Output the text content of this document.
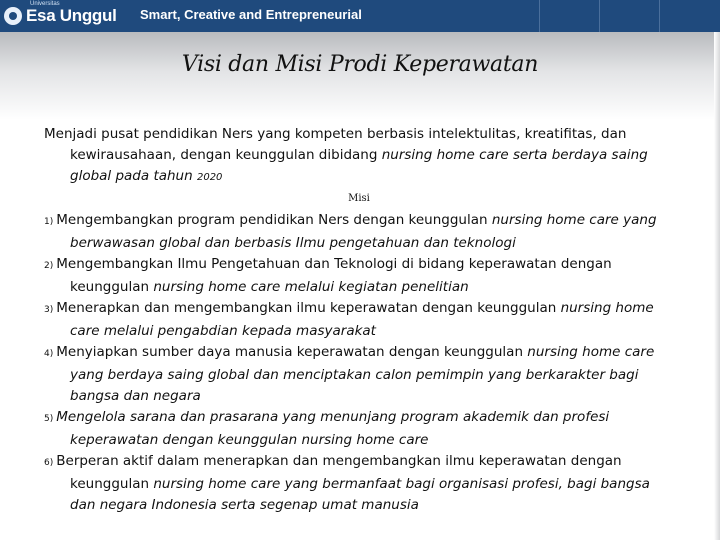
Universitas
Esa Unggul Smart, Creative and Entrepreneurial
Visi dan Misi Prodi Keperawatan
Menjadi pusat pendidikan Ners yang kompeten berbasis intelektulitas, kreatifitas, dan kewirausahaan, dengan keunggulan dibidang nursing home care serta berdaya saing global pada tahun 2020
Misi
1) Mengembangkan program pendidikan Ners dengan keunggulan nursing home care yang berwawasan global dan berbasis Ilmu pengetahuan dan teknologi
2) Mengembangkan Ilmu Pengetahuan dan Teknologi di bidang keperawatan dengan keunggulan nursing home care melalui kegiatan penelitian
3) Menerapkan dan mengembangkan ilmu keperawatan dengan keunggulan nursing home care melalui pengabdian kepada masyarakat
4) Menyiapkan sumber daya manusia keperawatan dengan keunggulan nursing home care yang berdaya saing global dan menciptakan calon pemimpin yang berkarakter bagi bangsa dan negara
5) Mengelola sarana dan prasarana yang menunjang program akademik dan profesi keperawatan dengan keunggulan nursing home care
6) Berperan aktif dalam menerapkan dan mengembangkan ilmu keperawatan dengan keunggulan nursing home care yang bermanfaat bagi organisasi profesi, bagi bangsa dan negara Indonesia serta segenap umat manusia
